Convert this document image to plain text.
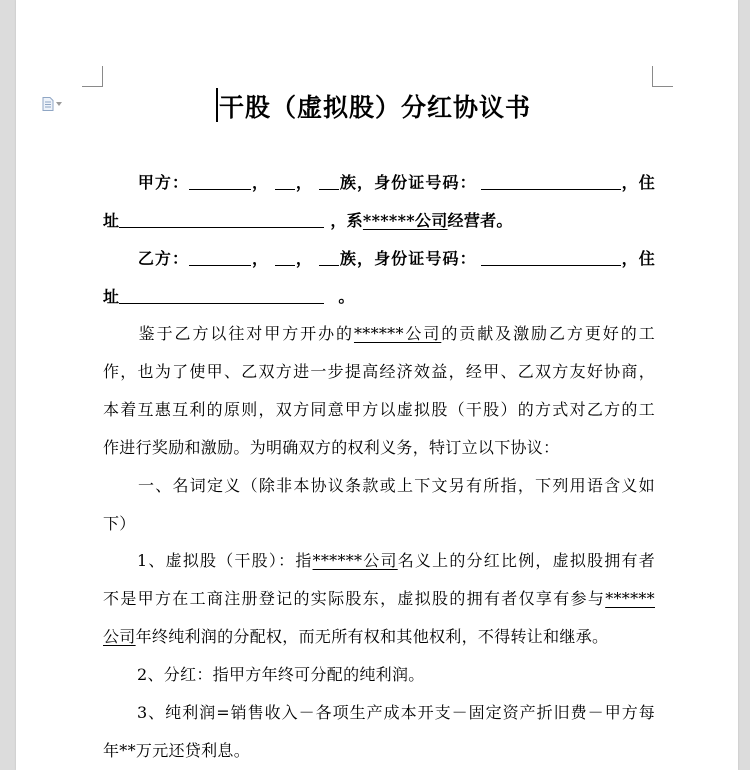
干股（虚拟股）分红协议书
甲方：	， ， 族，身份证号码：	，住
址	，系******公司经营者。
乙方：	， ， 族，身份证号码：	，住
址	。
鉴于乙方以往对甲方开办的******公司的贡献及激励乙方更好的工
作，也为了使甲、乙双方进一步提高经济效益，经甲、乙双方友好协商，
本着互惠互利的原则，双方同意甲方以虚拟股（干股）的方式对乙方的工
作进行奖励和激励。为明确双方的权利义务，特订立以下协议：
一、名词定义（除非本协议条款或上下文另有所指，下列用语含义如
下）
1、虚拟股（干股）：指******公司名义上的分红比例，虚拟股拥有者
不是甲方在工商注册登记的实际股东，虚拟股的拥有者仅享有参与******
公司年终纯利润的分配权，而无所有权和其他权利，不得转让和继承。
2、分红：指甲方年终可分配的纯利润。
3、纯利润=销售收入－各项生产成本开支－固定资产折旧费－甲方每
年**万元还贷利息。
